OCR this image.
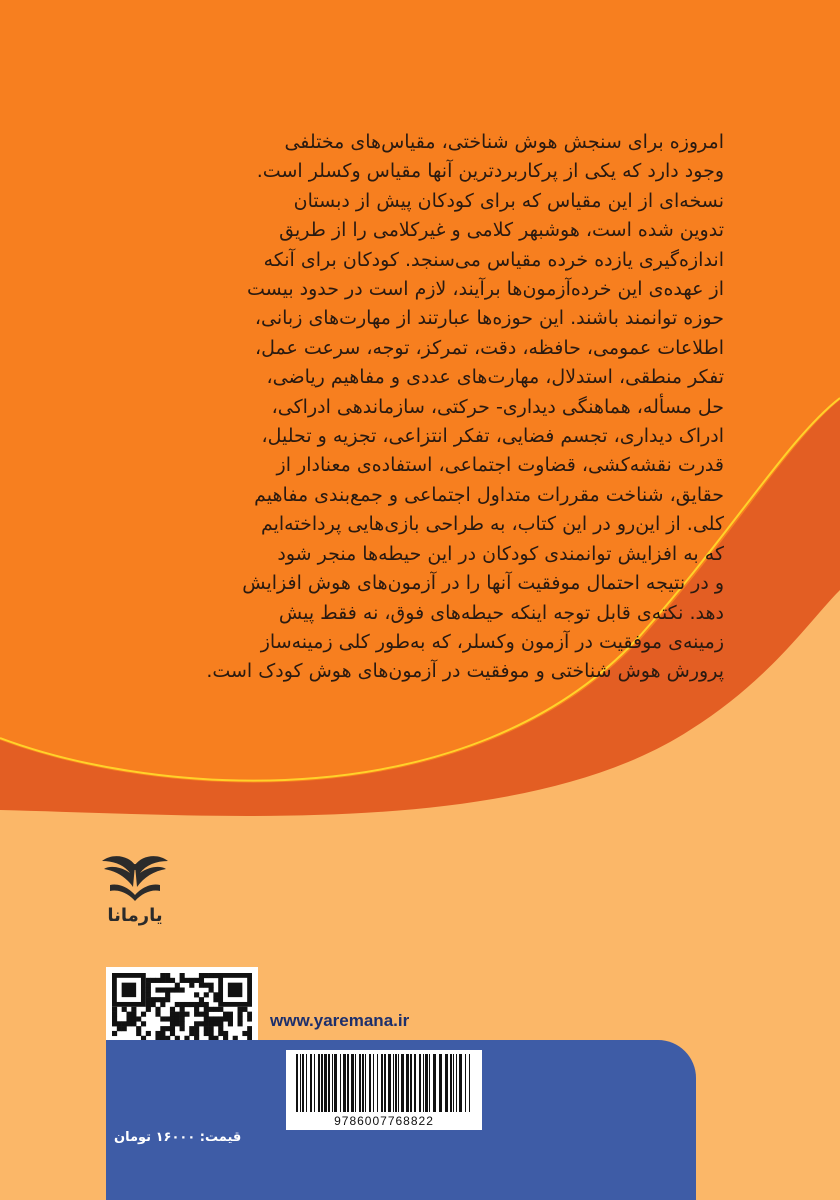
امروزه برای سنجش هوش شناختی، مقیاس‌های مختلفی
وجود دارد که یکی از پرکاربردترین آنها مقیاس وکسلر است.
نسخه‌ای از این مقیاس که برای کودکان پیش از دبستان
تدوین شده است، هوشبهر کلامی و غیرکلامی را از طریق
اندازه‌گیری یازده خرده مقیاس می‌سنجد. کودکان برای آنکه
از عهده‌ی این خرده‌آزمون‌ها برآیند، لازم است در حدود بیست
حوزه توانمند باشند. این حوزه‌ها عبارتند از مهارت‌های زبانی،
اطلاعات عمومی، حافظه، دقت، تمرکز، توجه، سرعت عمل،
تفکر منطقی، استدلال، مهارت‌های عددی و مفاهیم ریاضی،
حل مسأله، هماهنگی دیداری- حرکتی، سازماندهی ادراکی،
ادراک دیداری، تجسم فضایی، تفکر انتزاعی، تجزیه و تحلیل،
قدرت نقشه‌کشی، قضاوت اجتماعی، استفاده‌ی معنادار از
حقایق، شناخت مقررات متداول اجتماعی و جمع‌بندی مفاهیم
کلی. از این‌رو در این کتاب، به طراحی بازی‌هایی پرداخته‌ایم
که به افزایش توانمندی کودکان در این حیطه‌ها منجر شود
و در نتیجه احتمال موفقیت آنها را در آزمون‌های هوش افزایش
دهد. نکته‌ی قابل توجه اینکه حیطه‌های فوق، نه فقط پیش
زمینه‌ی موفقیت در آزمون وکسلر، که به‌طور کلی زمینه‌ساز
پرورش هوش شناختی و موفقیت در آزمون‌های هوش کودک است.
یارمانا
www.yaremana.ir
9786007768822
قیمت: ۱۶۰۰۰ تومان
